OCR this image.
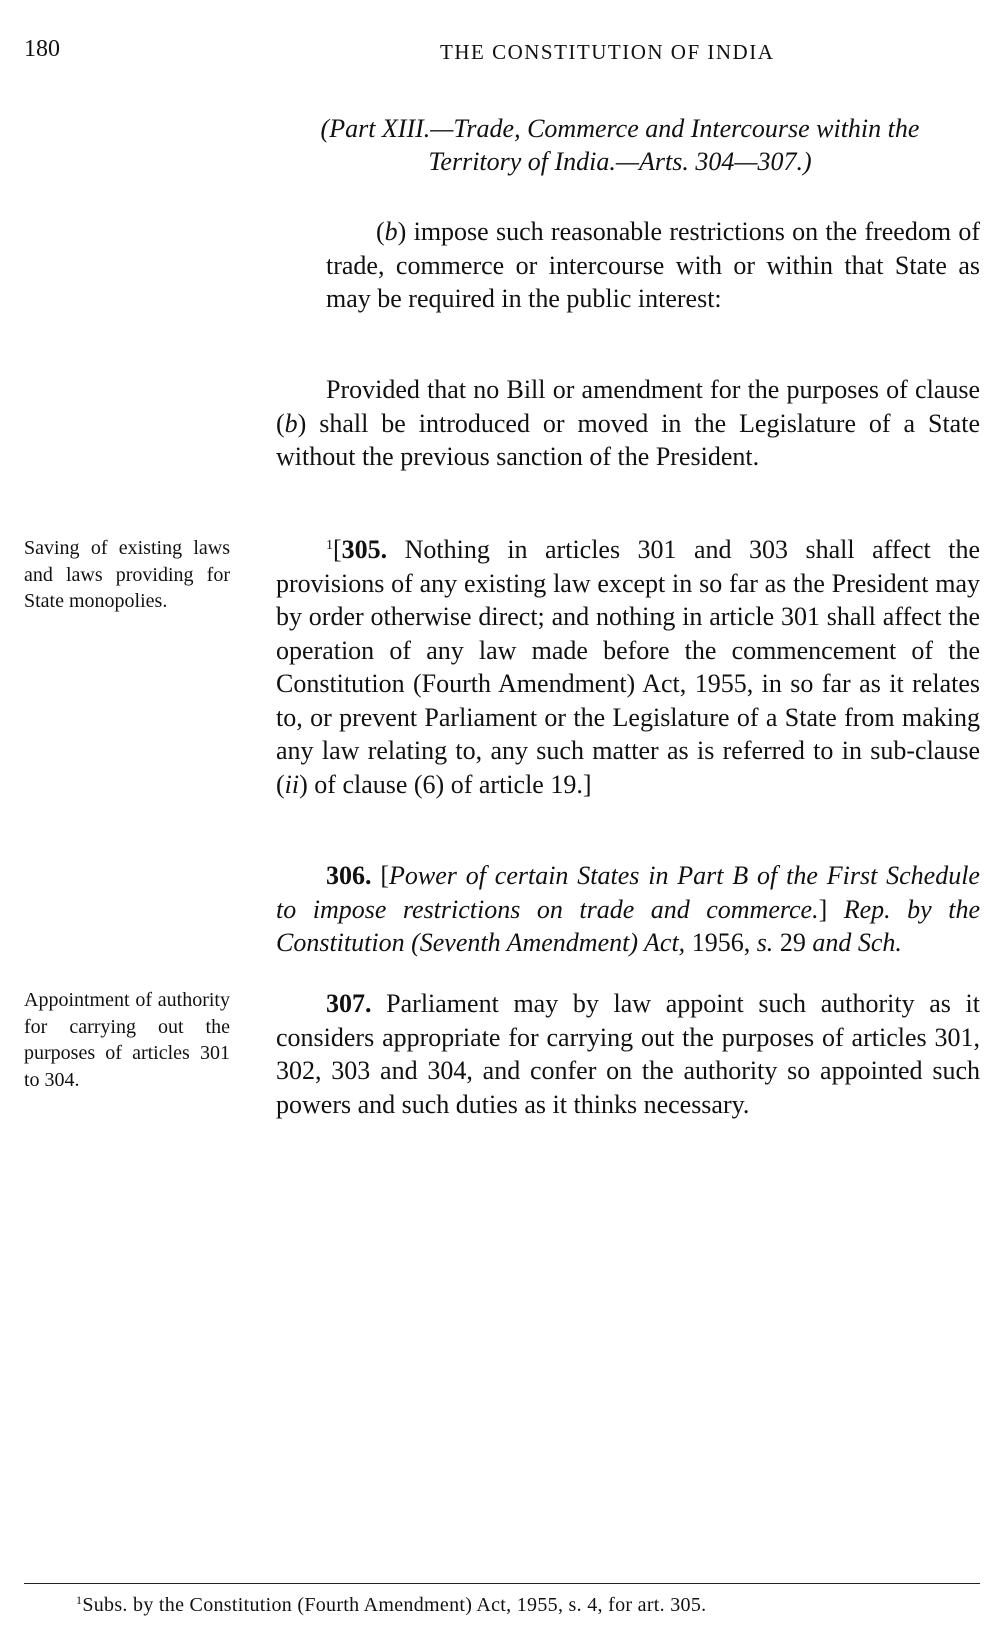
180	THE CONSTITUTION OF INDIA
(Part XIII.—Trade, Commerce and Intercourse within the
Territory of India.—Arts. 304—307.)
(b) impose such reasonable restrictions on the freedom of trade, commerce or intercourse with or within that State as may be required in the public interest:
Provided that no Bill or amendment for the purposes of clause (b) shall be introduced or moved in the Legislature of a State without the previous sanction of the President.
Saving of existing laws and laws providing for State monopolies.
$^1$[305. Nothing in articles 301 and 303 shall affect the provisions of any existing law except in so far as the President may by order otherwise direct; and nothing in article 301 shall affect the operation of any law made before the commencement of the Constitution (Fourth Amendment) Act, 1955, in so far as it relates to, or prevent Parliament or the Legislature of a State from making any law relating to, any such matter as is referred to in sub-clause (ii) of clause (6) of article 19.]
306. [Power of certain States in Part B of the First Schedule to impose restrictions on trade and commerce.] Rep. by the Constitution (Seventh Amendment) Act, 1956, s. 29 and Sch.
Appointment of authority for carrying out the purposes of articles 301 to 304.
307. Parliament may by law appoint such authority as it considers appropriate for carrying out the purposes of articles 301, 302, 303 and 304, and confer on the authority so appointed such powers and such duties as it thinks necessary.
$^1$Subs. by the Constitution (Fourth Amendment) Act, 1955, s. 4, for art. 305.
